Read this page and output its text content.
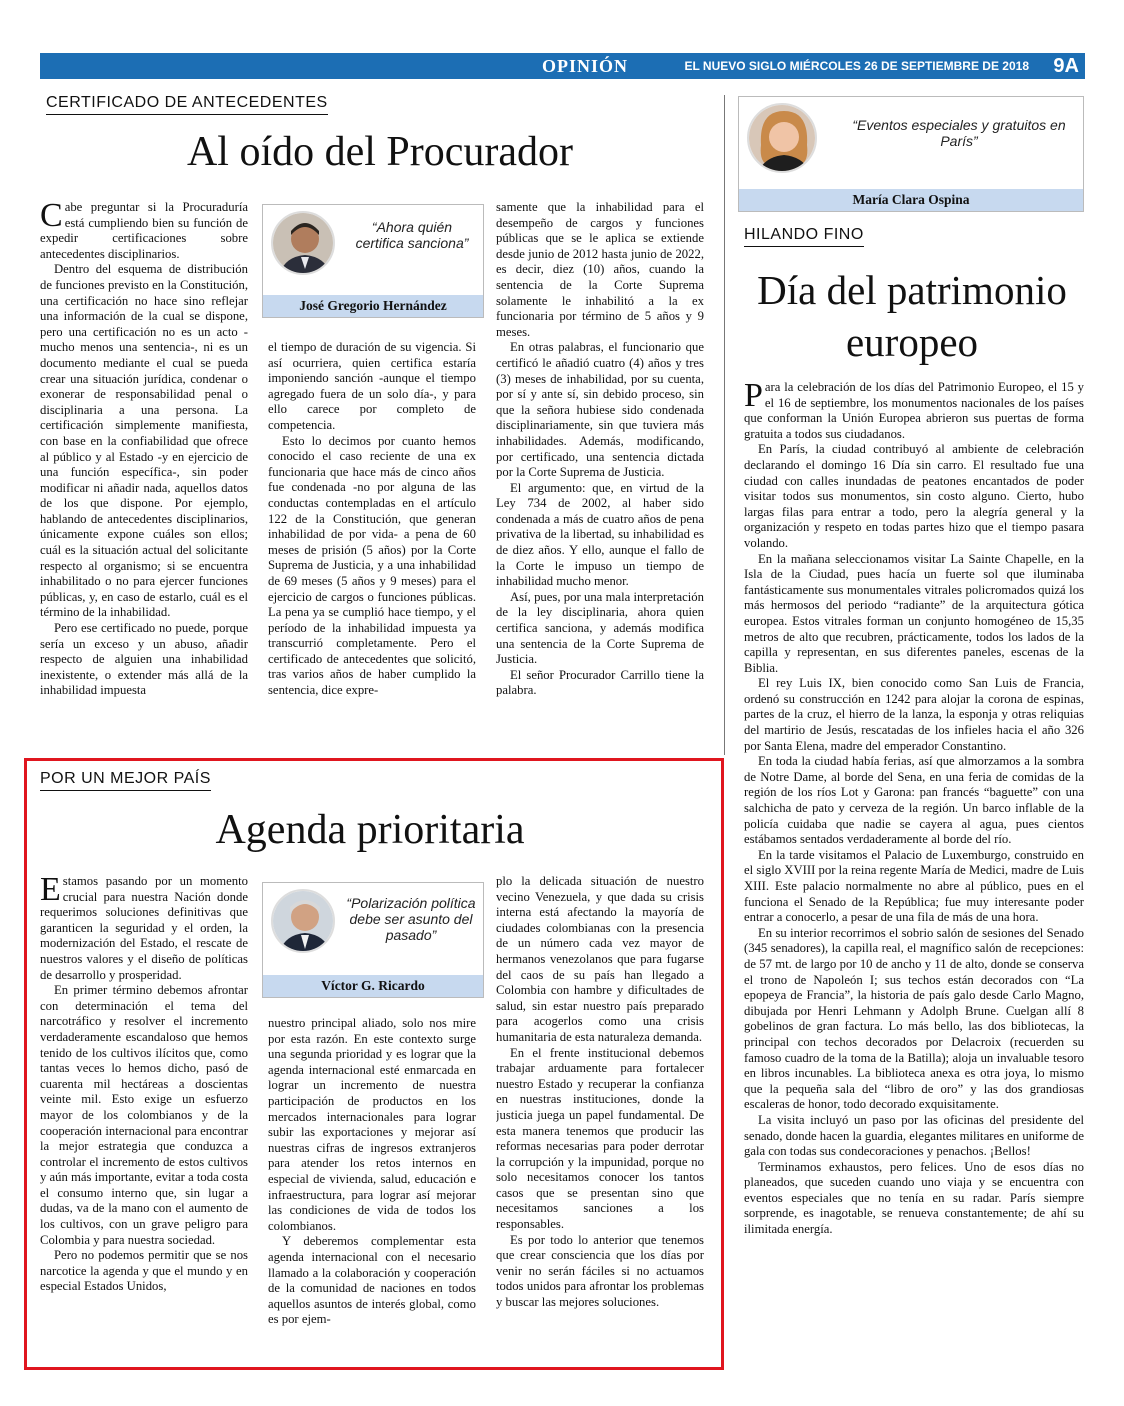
OPINIÓN	EL NUEVO SIGLO MIÉRCOLES 26 DE SEPTIEMBRE DE 2018 9A
CERTIFICADO DE ANTECEDENTES
Al oído del Procurador
“Ahora quién certifica sanciona”
José Gregorio Hernández

Cabe preguntar si la Procuraduría está cumpliendo bien su función de expedir certificaciones sobre antecedentes disciplinarios.

Dentro del esquema de distribución de funciones previsto en la Constitución, una certificación no hace sino reflejar una información de la cual se dispone, pero una certificación no es un acto -mucho menos una sentencia-, ni es un documento mediante el cual se pueda crear una situación jurídica, condenar o exonerar de responsabilidad penal o disciplinaria a una persona. La certificación simplemente manifiesta, con base en la confiabilidad que ofrece al público y al Estado -y en ejercicio de una función específica-, sin poder modificar ni añadir nada, aquellos datos de los que dispone. Por ejemplo, hablando de antecedentes disciplinarios, únicamente expone cuáles son ellos; cuál es la situación actual del solicitante respecto al organismo; si se encuentra inhabilitado o no para ejercer funciones públicas, y, en caso de estarlo, cuál es el término de la inhabilidad.

Pero ese certificado no puede, porque sería un exceso y un abuso, añadir respecto de alguien una inhabilidad inexistente, o extender más allá de la inhabilidad impuesta

el tiempo de duración de su vigencia. Si así ocurriera, quien certifica estaría imponiendo sanción -aunque el tiempo agregado fuera de un solo día-, y para ello carece por completo de competencia.

Esto lo decimos por cuanto hemos conocido el caso reciente de una ex funcionaria que hace más de cinco años fue condenada -no por alguna de las conductas contempladas en el artículo 122 de la Constitución, que generan inhabilidad de por vida- a pena de 60 meses de prisión (5 años) por la Corte Suprema de Justicia, y a una inhabilidad de 69 meses (5 años y 9 meses) para el ejercicio de cargos o funciones públicas. La pena ya se cumplió hace tiempo, y el período de la inhabilidad impuesta ya transcurrió completamente. Pero el certificado de antecedentes que solicitó, tras varios años de haber cumplido la sentencia, dice expre-

samente que la inhabilidad para el desempeño de cargos y funciones públicas que se le aplica se extiende desde junio de 2012 hasta junio de 2022, es decir, diez (10) años, cuando la sentencia de la Corte Suprema solamente le inhabilitó a la ex funcionaria por término de 5 años y 9 meses.

En otras palabras, el funcionario que certificó le añadió cuatro (4) años y tres (3) meses de inhabilidad, por su cuenta, por sí y ante sí, sin debido proceso, sin que la señora hubiese sido condenada disciplinariamente, sin que tuviera más inhabilidades. Además, modificando, por certificado, una sentencia dictada por la Corte Suprema de Justicia.

El argumento: que, en virtud de la Ley 734 de 2002, al haber sido condenada a más de cuatro años de pena privativa de la libertad, su inhabilidad es de diez años. Y ello, aunque el fallo de la Corte le impuso un tiempo de inhabilidad mucho menor.

Así, pues, por una mala interpretación de la ley disciplinaria, ahora quien certifica sanciona, y además modifica una sentencia de la Corte Suprema de Justicia.

El señor Procurador Carrillo tiene la palabra.

POR UN MEJOR PAÍS
Agenda prioritaria
“Polarización política debe ser asunto del pasado”
Víctor G. Ricardo

Estamos pasando por un momento crucial para nuestra Nación donde requerimos soluciones definitivas que garanticen la seguridad y el orden, la modernización del Estado, el rescate de nuestros valores y el diseño de políticas de desarrollo y prosperidad.

En primer término debemos afrontar con determinación el tema del narcotráfico y resolver el incremento verdaderamente escandaloso que hemos tenido de los cultivos ilícitos que, como tantas veces lo hemos dicho, pasó de cuarenta mil hectáreas a doscientas veinte mil. Esto exige un esfuerzo mayor de los colombianos y de la cooperación internacional para encontrar la mejor estrategia que conduzca a controlar el incremento de estos cultivos y aún más importante, evitar a toda costa el consumo interno que, sin lugar a dudas, va de la mano con el aumento de los cultivos, con un grave peligro para Colombia y para nuestra sociedad.

Pero no podemos permitir que se nos narcotice la agenda y que el mundo y en especial Estados Unidos,

nuestro principal aliado, solo nos mire por esta razón. En este contexto surge una segunda prioridad y es lograr que la agenda internacional esté enmarcada en lograr un incremento de nuestra participación de productos en los mercados internacionales para lograr subir las exportaciones y mejorar así nuestras cifras de ingresos extranjeros para atender los retos internos en especial de vivienda, salud, educación e infraestructura, para lograr así mejorar las condiciones de vida de todos los colombianos.

Y deberemos complementar esta agenda internacional con el necesario llamado a la colaboración y cooperación de la comunidad de naciones en todos aquellos asuntos de interés global, como es por ejem-

plo la delicada situación de nuestro vecino Venezuela, y que dada su crisis interna está afectando la mayoría de ciudades colombianas con la presencia de un número cada vez mayor de hermanos venezolanos que para fugarse del caos de su país han llegado a Colombia con hambre y dificultades de salud, sin estar nuestro país preparado para acogerlos como una crisis humanitaria de esta naturaleza demanda.

En el frente institucional debemos trabajar arduamente para fortalecer nuestro Estado y recuperar la confianza en nuestras instituciones, donde la justicia juega un papel fundamental. De esta manera tenemos que producir las reformas necesarias para poder derrotar la corrupción y la impunidad, porque no solo necesitamos conocer los tantos casos que se presentan sino que necesitamos sanciones a los responsables.

Es por todo lo anterior que tenemos que crear consciencia que los días por venir no serán fáciles si no actuamos todos unidos para afrontar los problemas y buscar las mejores soluciones.

“Eventos especiales y gratuitos en París”
María Clara Ospina
HILANDO FINO
Día del patrimonio europeo

Para la celebración de los días del Patrimonio Europeo, el 15 y el 16 de septiembre, los monumentos nacionales de los países que conforman la Unión Europea abrieron sus puertas de forma gratuita a todos sus ciudadanos.

En París, la ciudad contribuyó al ambiente de celebración declarando el domingo 16 Día sin carro. El resultado fue una ciudad con calles inundadas de peatones encantados de poder visitar todos sus monumentos, sin costo alguno. Cierto, hubo largas filas para entrar a todo, pero la alegría general y la organización y respeto en todas partes hizo que el tiempo pasara volando.

En la mañana seleccionamos visitar La Sainte Chapelle, en la Isla de la Ciudad, pues hacía un fuerte sol que iluminaba fantásticamente sus monumentales vitrales policromados quizá los más hermosos del periodo “radiante” de la arquitectura gótica europea. Estos vitrales forman un conjunto homogéneo de 15,35 metros de alto que recubren, prácticamente, todos los lados de la capilla y representan, en sus diferentes paneles, escenas de la Biblia.

El rey Luis IX, bien conocido como San Luis de Francia, ordenó su construcción en 1242 para alojar la corona de espinas, partes de la cruz, el hierro de la lanza, la esponja y otras reliquias del martirio de Jesús, rescatadas de los infieles hacia el año 326 por Santa Elena, madre del emperador Constantino.

En toda la ciudad había ferias, así que almorzamos a la sombra de Notre Dame, al borde del Sena, en una feria de comidas de la región de los ríos Lot y Garona: pan francés “baguette” con una salchicha de pato y cerveza de la región. Un barco inflable de la policía cuidaba que nadie se cayera al agua, pues cientos estábamos sentados verdaderamente al borde del río.

En la tarde visitamos el Palacio de Luxemburgo, construido en el siglo XVIII por la reina regente María de Medici, madre de Luis XIII. Este palacio normalmente no abre al público, pues en el funciona el Senado de la República; fue muy interesante poder entrar a conocerlo, a pesar de una fila de más de una hora.

En su interior recorrimos el sobrio salón de sesiones del Senado (345 senadores), la capilla real, el magnífico salón de recepciones: de 57 mt. de largo por 10 de ancho y 11 de alto, donde se conserva el trono de Napoleón I; sus techos están decorados con “La epopeya de Francia”, la historia de país galo desde Carlo Magno, dibujada por Henri Lehmann y Adolph Brune. Cuelgan allí 8 gobelinos de gran factura. Lo más bello, las dos bibliotecas, la principal con techos decorados por Delacroix (recuerden su famoso cuadro de la toma de la Batilla); aloja un invaluable tesoro en libros incunables. La biblioteca anexa es otra joya, lo mismo que la pequeña sala del “libro de oro” y las dos grandiosas escaleras de honor, todo decorado exquisitamente.

La visita incluyó un paso por las oficinas del presidente del senado, donde hacen la guardia, elegantes militares en uniforme de gala con todas sus condecoraciones y penachos. ¡Bellos!

Terminamos exhaustos, pero felices. Uno de esos días no planeados, que suceden cuando uno viaja y se encuentra con eventos especiales que no tenía en su radar. París siempre sorprende, es inagotable, se renueva constantemente; de ahí su ilimitada energía.
